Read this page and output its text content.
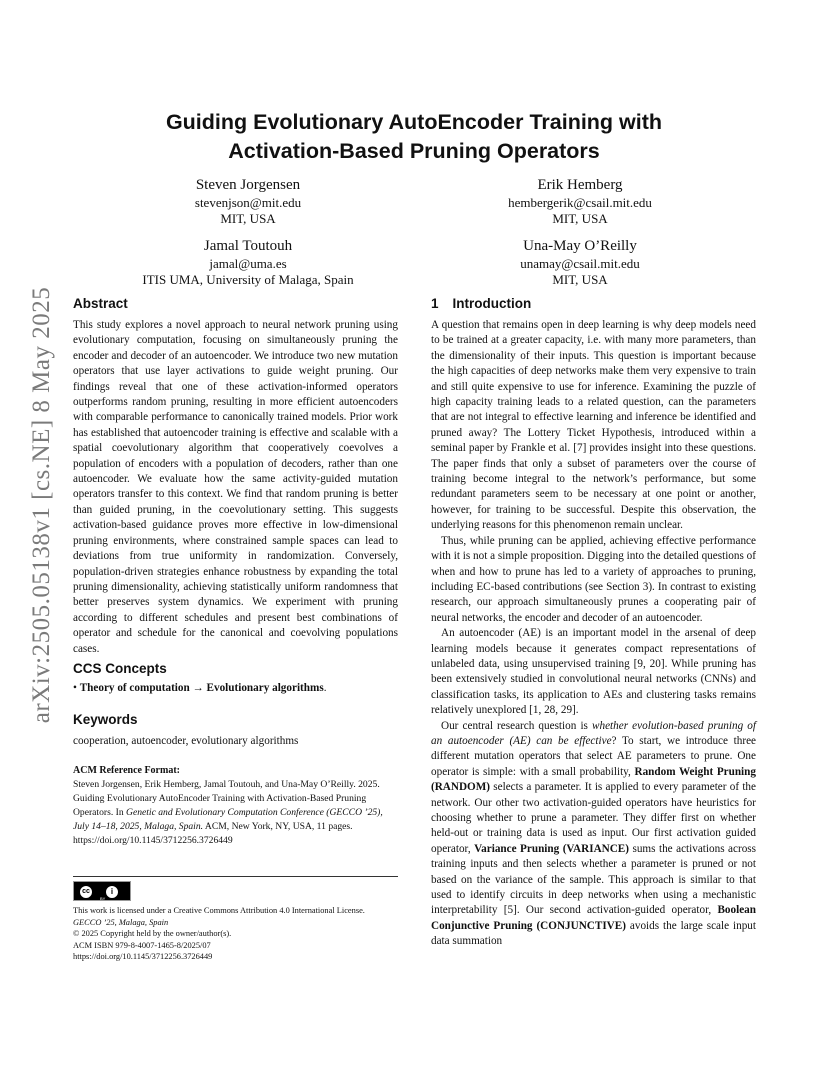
arXiv:2505.05138v1 [cs.NE] 8 May 2025
Guiding Evolutionary AutoEncoder Training with
Activation-Based Pruning Operators
Steven Jorgensen
stevenjson@mit.edu
MIT, USA
Erik Hemberg
hembergerik@csail.mit.edu
MIT, USA
Jamal Toutouh
jamal@uma.es
ITIS UMA, University of Malaga, Spain
Una-May O’Reilly
unamay@csail.mit.edu
MIT, USA
Abstract

This study explores a novel approach to neural network pruning using evolutionary computation, focusing on simultaneously pruning the encoder and decoder of an autoencoder. We introduce two new mutation operators that use layer activations to guide weight pruning. Our findings reveal that one of these activation-informed operators outperforms random pruning, resulting in more efficient autoencoders with comparable performance to canonically trained models. Prior work has established that autoencoder training is effective and scalable with a spatial coevolutionary algorithm that cooperatively coevolves a population of encoders with a population of decoders, rather than one autoencoder. We evaluate how the same activity-guided mutation operators transfer to this context. We find that random pruning is better than guided pruning, in the coevolutionary setting. This suggests activation-based guidance proves more effective in low-dimensional pruning environments, where constrained sample spaces can lead to deviations from true uniformity in randomization. Conversely, population-driven strategies enhance robustness by expanding the total pruning dimensionality, achieving statistically uniform randomness that better preserves system dynamics. We experiment with pruning according to different schedules and present best combinations of operator and schedule for the canonical and coevolving populations cases.

CCS Concepts

• Theory of computation → Evolutionary algorithms.

Keywords

cooperation, autoencoder, evolutionary algorithms

ACM Reference Format:

Steven Jorgensen, Erik Hemberg, Jamal Toutouh, and Una-May O’Reilly. 2025. Guiding Evolutionary AutoEncoder Training with Activation-Based Pruning Operators. In Genetic and Evolutionary Computation Conference (GECCO ’25), July 14–18, 2025, Malaga, Spain. ACM, New York, NY, USA, 11 pages. https://doi.org/10.1145/3712256.3726449

cc	i
BY
This work is licensed under a Creative Commons Attribution 4.0 International License.
GECCO ’25, Malaga, Spain
© 2025 Copyright held by the owner/author(s).
ACM ISBN 979-8-4007-1465-8/2025/07
https://doi.org/10.1145/3712256.3726449
1 Introduction

A question that remains open in deep learning is why deep models need to be trained at a greater capacity, i.e. with many more parameters, than the dimensionality of their inputs. This question is important because the high capacities of deep networks make them very expensive to train and still quite expensive to use for inference. Examining the puzzle of high capacity training leads to a related question, can the parameters that are not integral to effective learning and inference be identified and pruned away? The Lottery Ticket Hypothesis, introduced within a seminal paper by Frankle et al. [7] provides insight into these questions. The paper finds that only a subset of parameters over the course of training become integral to the network’s performance, but some redundant parameters seem to be necessary at one point or another, however, for training to be successful. Despite this observation, the underlying reasons for this phenomenon remain unclear.

Thus, while pruning can be applied, achieving effective performance with it is not a simple proposition. Digging into the detailed questions of when and how to prune has led to a variety of approaches to pruning, including EC-based contributions (see Section 3). In contrast to existing research, our approach simultaneously prunes a cooperating pair of neural networks, the encoder and decoder of an autoencoder.

An autoencoder (AE) is an important model in the arsenal of deep learning models because it generates compact representations of unlabeled data, using unsupervised training [9, 20]. While pruning has been extensively studied in convolutional neural networks (CNNs) and classification tasks, its application to AEs and clustering tasks remains relatively unexplored [1, 28, 29].

Our central research question is whether evolution-based pruning of an autoencoder (AE) can be effective? To start, we introduce three different mutation operators that select AE parameters to prune. One operator is simple: with a small probability, Random Weight Pruning (RANDOM) selects a parameter. It is applied to every parameter of the network. Our other two activation-guided operators have heuristics for choosing whether to prune a parameter. They differ first on whether held-out or training data is used as input. Our first activation guided operator, Variance Pruning (VARIANCE) sums the activations across training inputs and then selects whether a parameter is pruned or not based on the variance of the sample. This approach is similar to that used to identify circuits in deep networks when using a mechanistic interpretability [5]. Our second activation-guided operator, Boolean Conjunctive Pruning (CONJUNCTIVE) avoids the large scale input data summation
